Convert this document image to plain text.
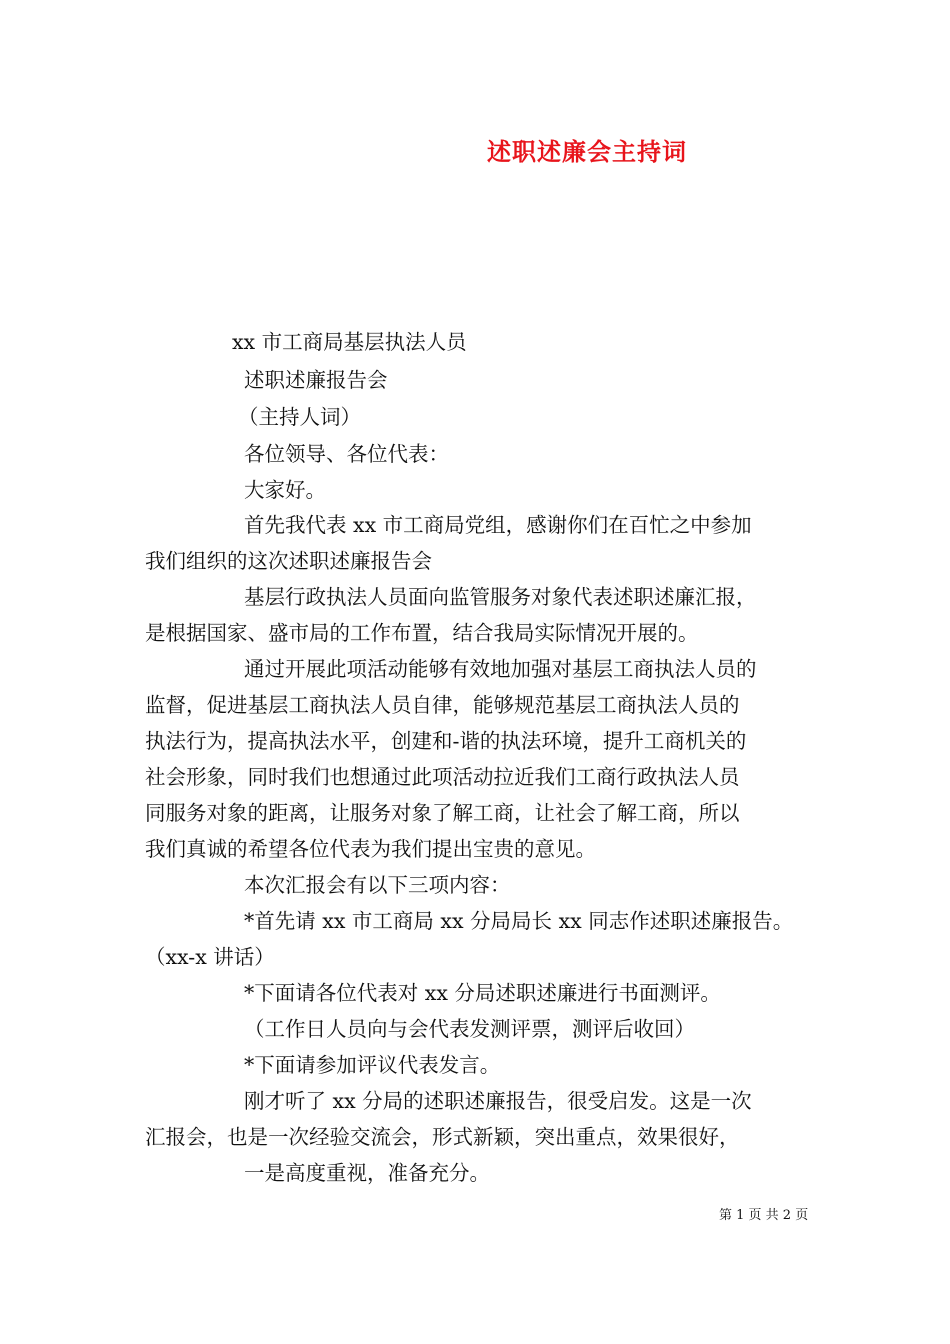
述职述廉会主持词
xx 市工商局基层执法人员
述职述廉报告会
（主持人词）
各位领导、各位代表：
大家好。
首先我代表 xx 市工商局党组，感谢你们在百忙之中参加
我们组织的这次述职述廉报告会
基层行政执法人员面向监管服务对象代表述职述廉汇报，
是根据国家、盛市局的工作布置，结合我局实际情况开展的。
通过开展此项活动能够有效地加强对基层工商执法人员的
监督，促进基层工商执法人员自律，能够规范基层工商执法人员的
执法行为，提高执法水平，创建和-谐的执法环境，提升工商机关的
社会形象，同时我们也想通过此项活动拉近我们工商行政执法人员
同服务对象的距离，让服务对象了解工商，让社会了解工商，所以
我们真诚的希望各位代表为我们提出宝贵的意见。
本次汇报会有以下三项内容：
*首先请 xx 市工商局 xx 分局局长 xx 同志作述职述廉报告。
（xx-x 讲话）
*下面请各位代表对 xx 分局述职述廉进行书面测评。
（工作日人员向与会代表发测评票，测评后收回）
*下面请参加评议代表发言。
刚才听了 xx 分局的述职述廉报告，很受启发。这是一次
汇报会，也是一次经验交流会，形式新颖，突出重点，效果很好，
一是高度重视，准备充分。
第 1 页 共 2 页
